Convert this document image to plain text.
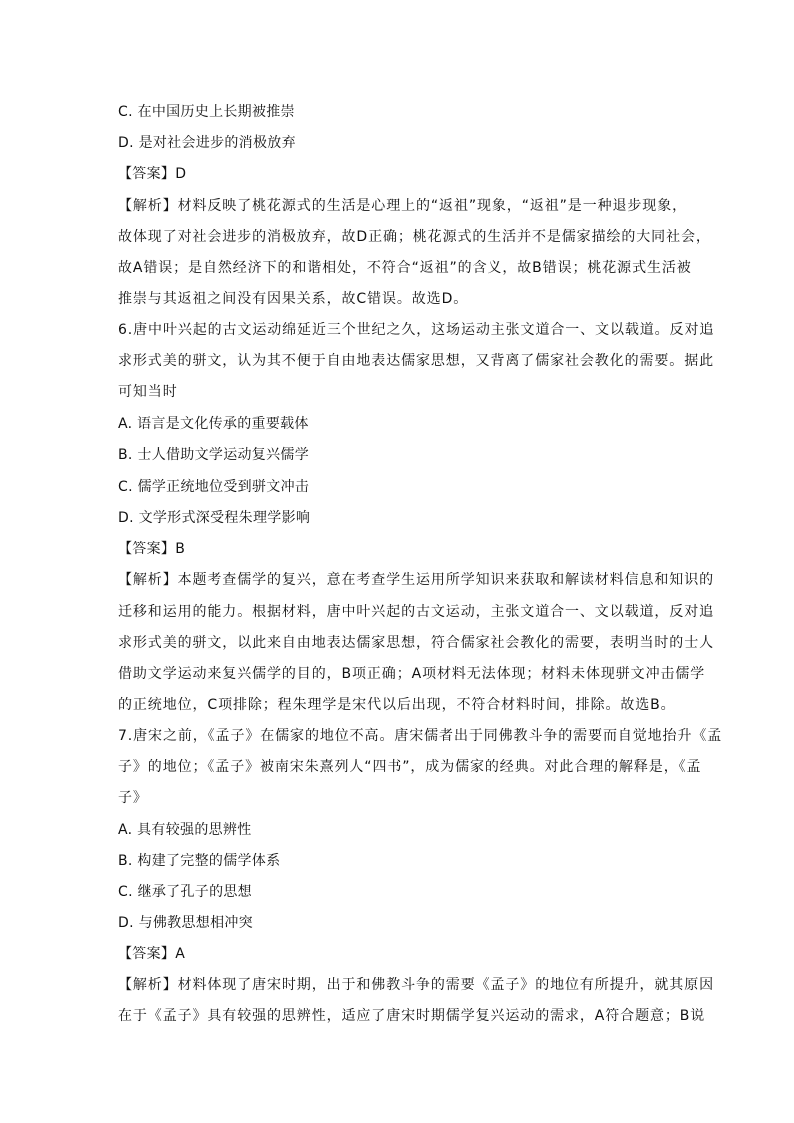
C. 在中国历史上长期被推崇
D. 是对社会进步的消极放弃
【答案】D
【解析】材料反映了桃花源式的生活是心理上的“返祖”现象，“返祖”是一种退步现象，
故体现了对社会进步的消极放弃，故D正确；桃花源式的生活并不是儒家描绘的大同社会，
故A错误；是自然经济下的和谐相处，不符合“返祖”的含义，故B错误；桃花源式生活被
推崇与其返祖之间没有因果关系，故C错误。故选D。
6.唐中叶兴起的古文运动绵延近三个世纪之久，这场运动主张文道合一、文以载道。反对追
求形式美的骈文，认为其不便于自由地表达儒家思想，又背离了儒家社会教化的需要。据此
可知当时
A. 语言是文化传承的重要载体
B. 士人借助文学运动复兴儒学
C. 儒学正统地位受到骈文冲击
D. 文学形式深受程朱理学影响
【答案】B
【解析】本题考查儒学的复兴，意在考查学生运用所学知识来获取和解读材料信息和知识的
迁移和运用的能力。根据材料，唐中叶兴起的古文运动，主张文道合一、文以载道，反对追
求形式美的骈文，以此来自由地表达儒家思想，符合儒家社会教化的需要，表明当时的士人
借助文学运动来复兴儒学的目的，B项正确；A项材料无法体现；材料未体现骈文冲击儒学
的正统地位，C项排除；程朱理学是宋代以后出现，不符合材料时间，排除。故选B。
7.唐宋之前，《孟子》在儒家的地位不高。唐宋儒者出于同佛教斗争的需要而自觉地抬升《孟
子》的地位；《孟子》被南宋朱熹列人“四书”，成为儒家的经典。对此合理的解释是，《孟
子》
A. 具有较强的思辨性
B. 构建了完整的儒学体系
C. 继承了孔子的思想
D. 与佛教思想相冲突
【答案】A
【解析】材料体现了唐宋时期，出于和佛教斗争的需要《孟子》的地位有所提升，就其原因
在于《孟子》具有较强的思辨性，适应了唐宋时期儒学复兴运动的需求，A符合题意；B说
